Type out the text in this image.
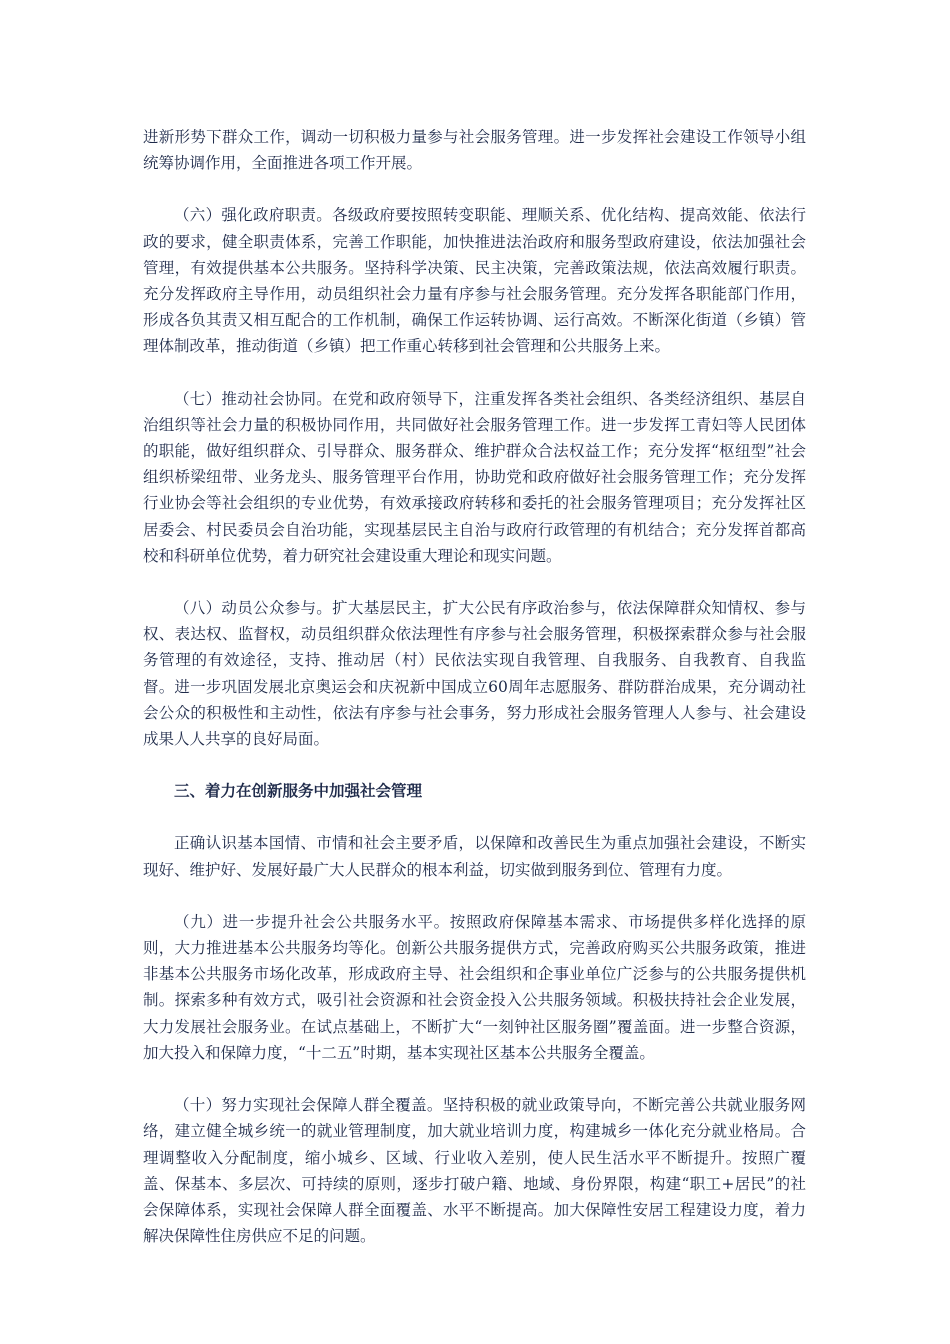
进新形势下群众工作，调动一切积极力量参与社会服务管理。进一步发挥社会建设工作领导小组统筹协调作用，全面推进各项工作开展。

（六）强化政府职责。各级政府要按照转变职能、理顺关系、优化结构、提高效能、依法行政的要求，健全职责体系，完善工作职能，加快推进法治政府和服务型政府建设，依法加强社会管理，有效提供基本公共服务。坚持科学决策、民主决策，完善政策法规，依法高效履行职责。充分发挥政府主导作用，动员组织社会力量有序参与社会服务管理。充分发挥各职能部门作用，形成各负其责又相互配合的工作机制，确保工作运转协调、运行高效。不断深化街道（乡镇）管理体制改革，推动街道（乡镇）把工作重心转移到社会管理和公共服务上来。

（七）推动社会协同。在党和政府领导下，注重发挥各类社会组织、各类经济组织、基层自治组织等社会力量的积极协同作用，共同做好社会服务管理工作。进一步发挥工青妇等人民团体的职能，做好组织群众、引导群众、服务群众、维护群众合法权益工作；充分发挥“枢纽型”社会组织桥梁纽带、业务龙头、服务管理平台作用，协助党和政府做好社会服务管理工作；充分发挥行业协会等社会组织的专业优势，有效承接政府转移和委托的社会服务管理项目；充分发挥社区居委会、村民委员会自治功能，实现基层民主自治与政府行政管理的有机结合；充分发挥首都高校和科研单位优势，着力研究社会建设重大理论和现实问题。

（八）动员公众参与。扩大基层民主，扩大公民有序政治参与，依法保障群众知情权、参与权、表达权、监督权，动员组织群众依法理性有序参与社会服务管理，积极探索群众参与社会服务管理的有效途径，支持、推动居（村）民依法实现自我管理、自我服务、自我教育、自我监督。进一步巩固发展北京奥运会和庆祝新中国成立60周年志愿服务、群防群治成果，充分调动社会公众的积极性和主动性，依法有序参与社会事务，努力形成社会服务管理人人参与、社会建设成果人人共享的良好局面。

三、着力在创新服务中加强社会管理

正确认识基本国情、市情和社会主要矛盾，以保障和改善民生为重点加强社会建设，不断实现好、维护好、发展好最广大人民群众的根本利益，切实做到服务到位、管理有力度。

（九）进一步提升社会公共服务水平。按照政府保障基本需求、市场提供多样化选择的原则，大力推进基本公共服务均等化。创新公共服务提供方式，完善政府购买公共服务政策，推进非基本公共服务市场化改革，形成政府主导、社会组织和企事业单位广泛参与的公共服务提供机制。探索多种有效方式，吸引社会资源和社会资金投入公共服务领域。积极扶持社会企业发展，大力发展社会服务业。在试点基础上，不断扩大“一刻钟社区服务圈”覆盖面。进一步整合资源，加大投入和保障力度，“十二五”时期，基本实现社区基本公共服务全覆盖。

（十）努力实现社会保障人群全覆盖。坚持积极的就业政策导向，不断完善公共就业服务网络，建立健全城乡统一的就业管理制度，加大就业培训力度，构建城乡一体化充分就业格局。合理调整收入分配制度，缩小城乡、区域、行业收入差别，使人民生活水平不断提升。按照广覆盖、保基本、多层次、可持续的原则，逐步打破户籍、地域、身份界限，构建“职工+居民”的社会保障体系，实现社会保障人群全面覆盖、水平不断提高。加大保障性安居工程建设力度，着力解决保障性住房供应不足的问题。
